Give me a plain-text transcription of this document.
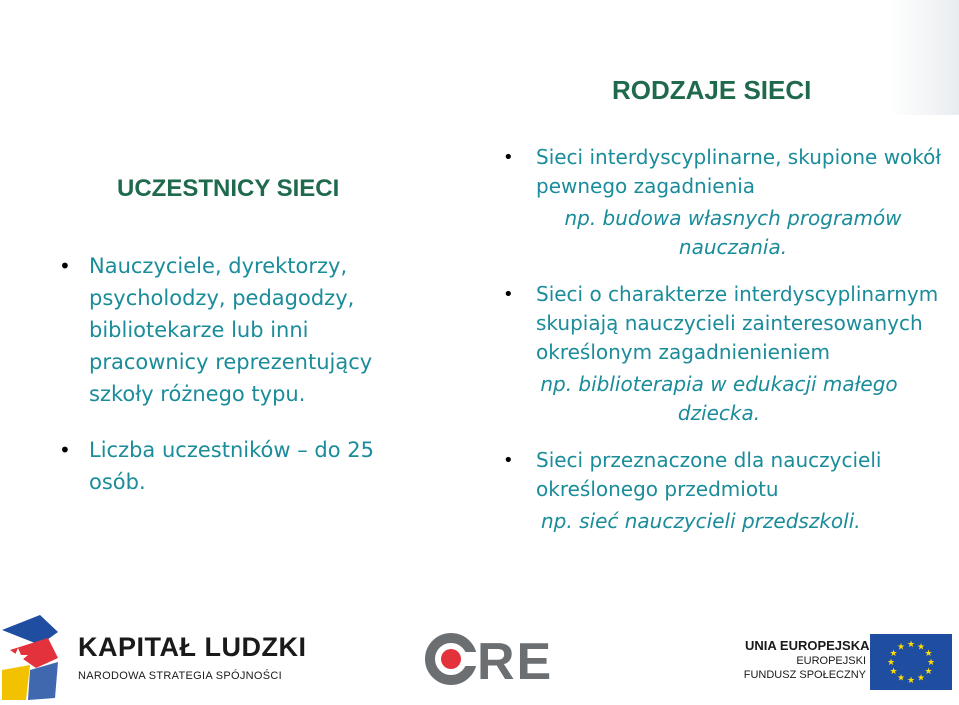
RODZAJE SIECI
UCZESTNICY SIECI
• Nauczyciele, dyrektorzy, psycholodzy, pedagodzy, bibliotekarze lub inni pracownicy reprezentujący szkoły różnego typu.
• Liczba uczestników – do 25 osób.
• Sieci interdyscyplinarne, skupione wokół pewnego zagadnienia
np. budowa własnych programów nauczania.
• Sieci o charakterze interdyscyplinarnym skupiają nauczycieli zainteresowanych określonym zagadnienieniem
np. biblioterapia w edukacji małego dziecka.
• Sieci przeznaczone dla nauczycieli określonego przedmiotu
np. sieć nauczycieli przedszkoli.
KAPITAŁ LUDZKI
NARODOWA STRATEGIA SPÓJNOŚCI	RE	UNIA EUROPEJSKA
EUROPEJSKI
FUNDUSZ SPOŁECZNY
★ ★
★
★
★
★
★
★
★
★
★
★
